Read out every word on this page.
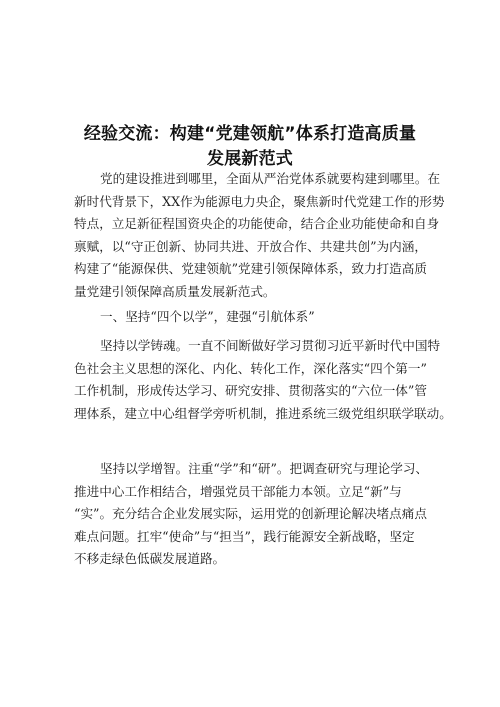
经验交流：构建“党建领航”体系打造高质量
发展新范式

党的建设推进到哪里，全面从严治党体系就要构建到哪里。在
新时代背景下，XX作为能源电力央企，聚焦新时代党建工作的形势
特点，立足新征程国资央企的功能使命，结合企业功能使命和自身
禀赋，以“守正创新、协同共进、开放合作、共建共创”为内涵，
构建了“能源保供、党建领航”党建引领保障体系，致力打造高质
量党建引领保障高质量发展新范式。

一、坚持“四个以学”，建强“引航体系”

坚持以学铸魂。一直不间断做好学习贯彻习近平新时代中国特
色社会主义思想的深化、内化、转化工作，深化落实“四个第一”
工作机制，形成传达学习、研究安排、贯彻落实的“六位一体”管
理体系，建立中心组督学旁听机制，推进系统三级党组织联学联动。

坚持以学增智。注重“学”和“研”。把调查研究与理论学习、
推进中心工作相结合，增强党员干部能力本领。立足“新”与
“实”。充分结合企业发展实际，运用党的创新理论解决堵点痛点
难点问题。扛牢“使命”与“担当”，践行能源安全新战略，坚定
不移走绿色低碳发展道路。
